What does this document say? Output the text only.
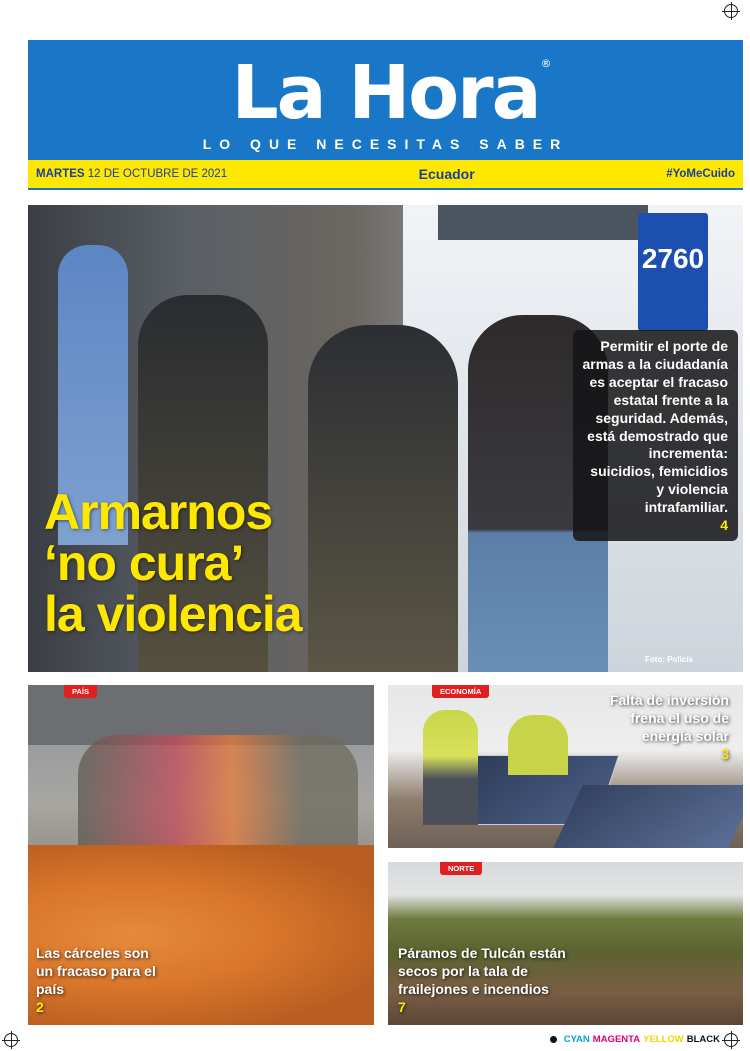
La Hora ®
LO QUE NECESITAS SABER
MARTES 12 DE OCTUBRE DE 2021	Ecuador	#YoMeCuido
2760
Armarnos
‘no cura’
la violencia
Permitir el porte de armas a la ciudadanía es aceptar el fracaso estatal frente a la seguridad. Además, está demostrado que incrementa: suicidios, femicidios y violencia intrafamiliar.
4
Foto: Policía
PAÍS
Las cárceles son un fracaso para el país
2
ECONOMÍA
Falta de inversión frena el uso de energía solar
3
NORTE
Páramos de Tulcán están secos por la tala de frailejones e incendios
7
CYAN MAGENTA YELLOW BLACK
